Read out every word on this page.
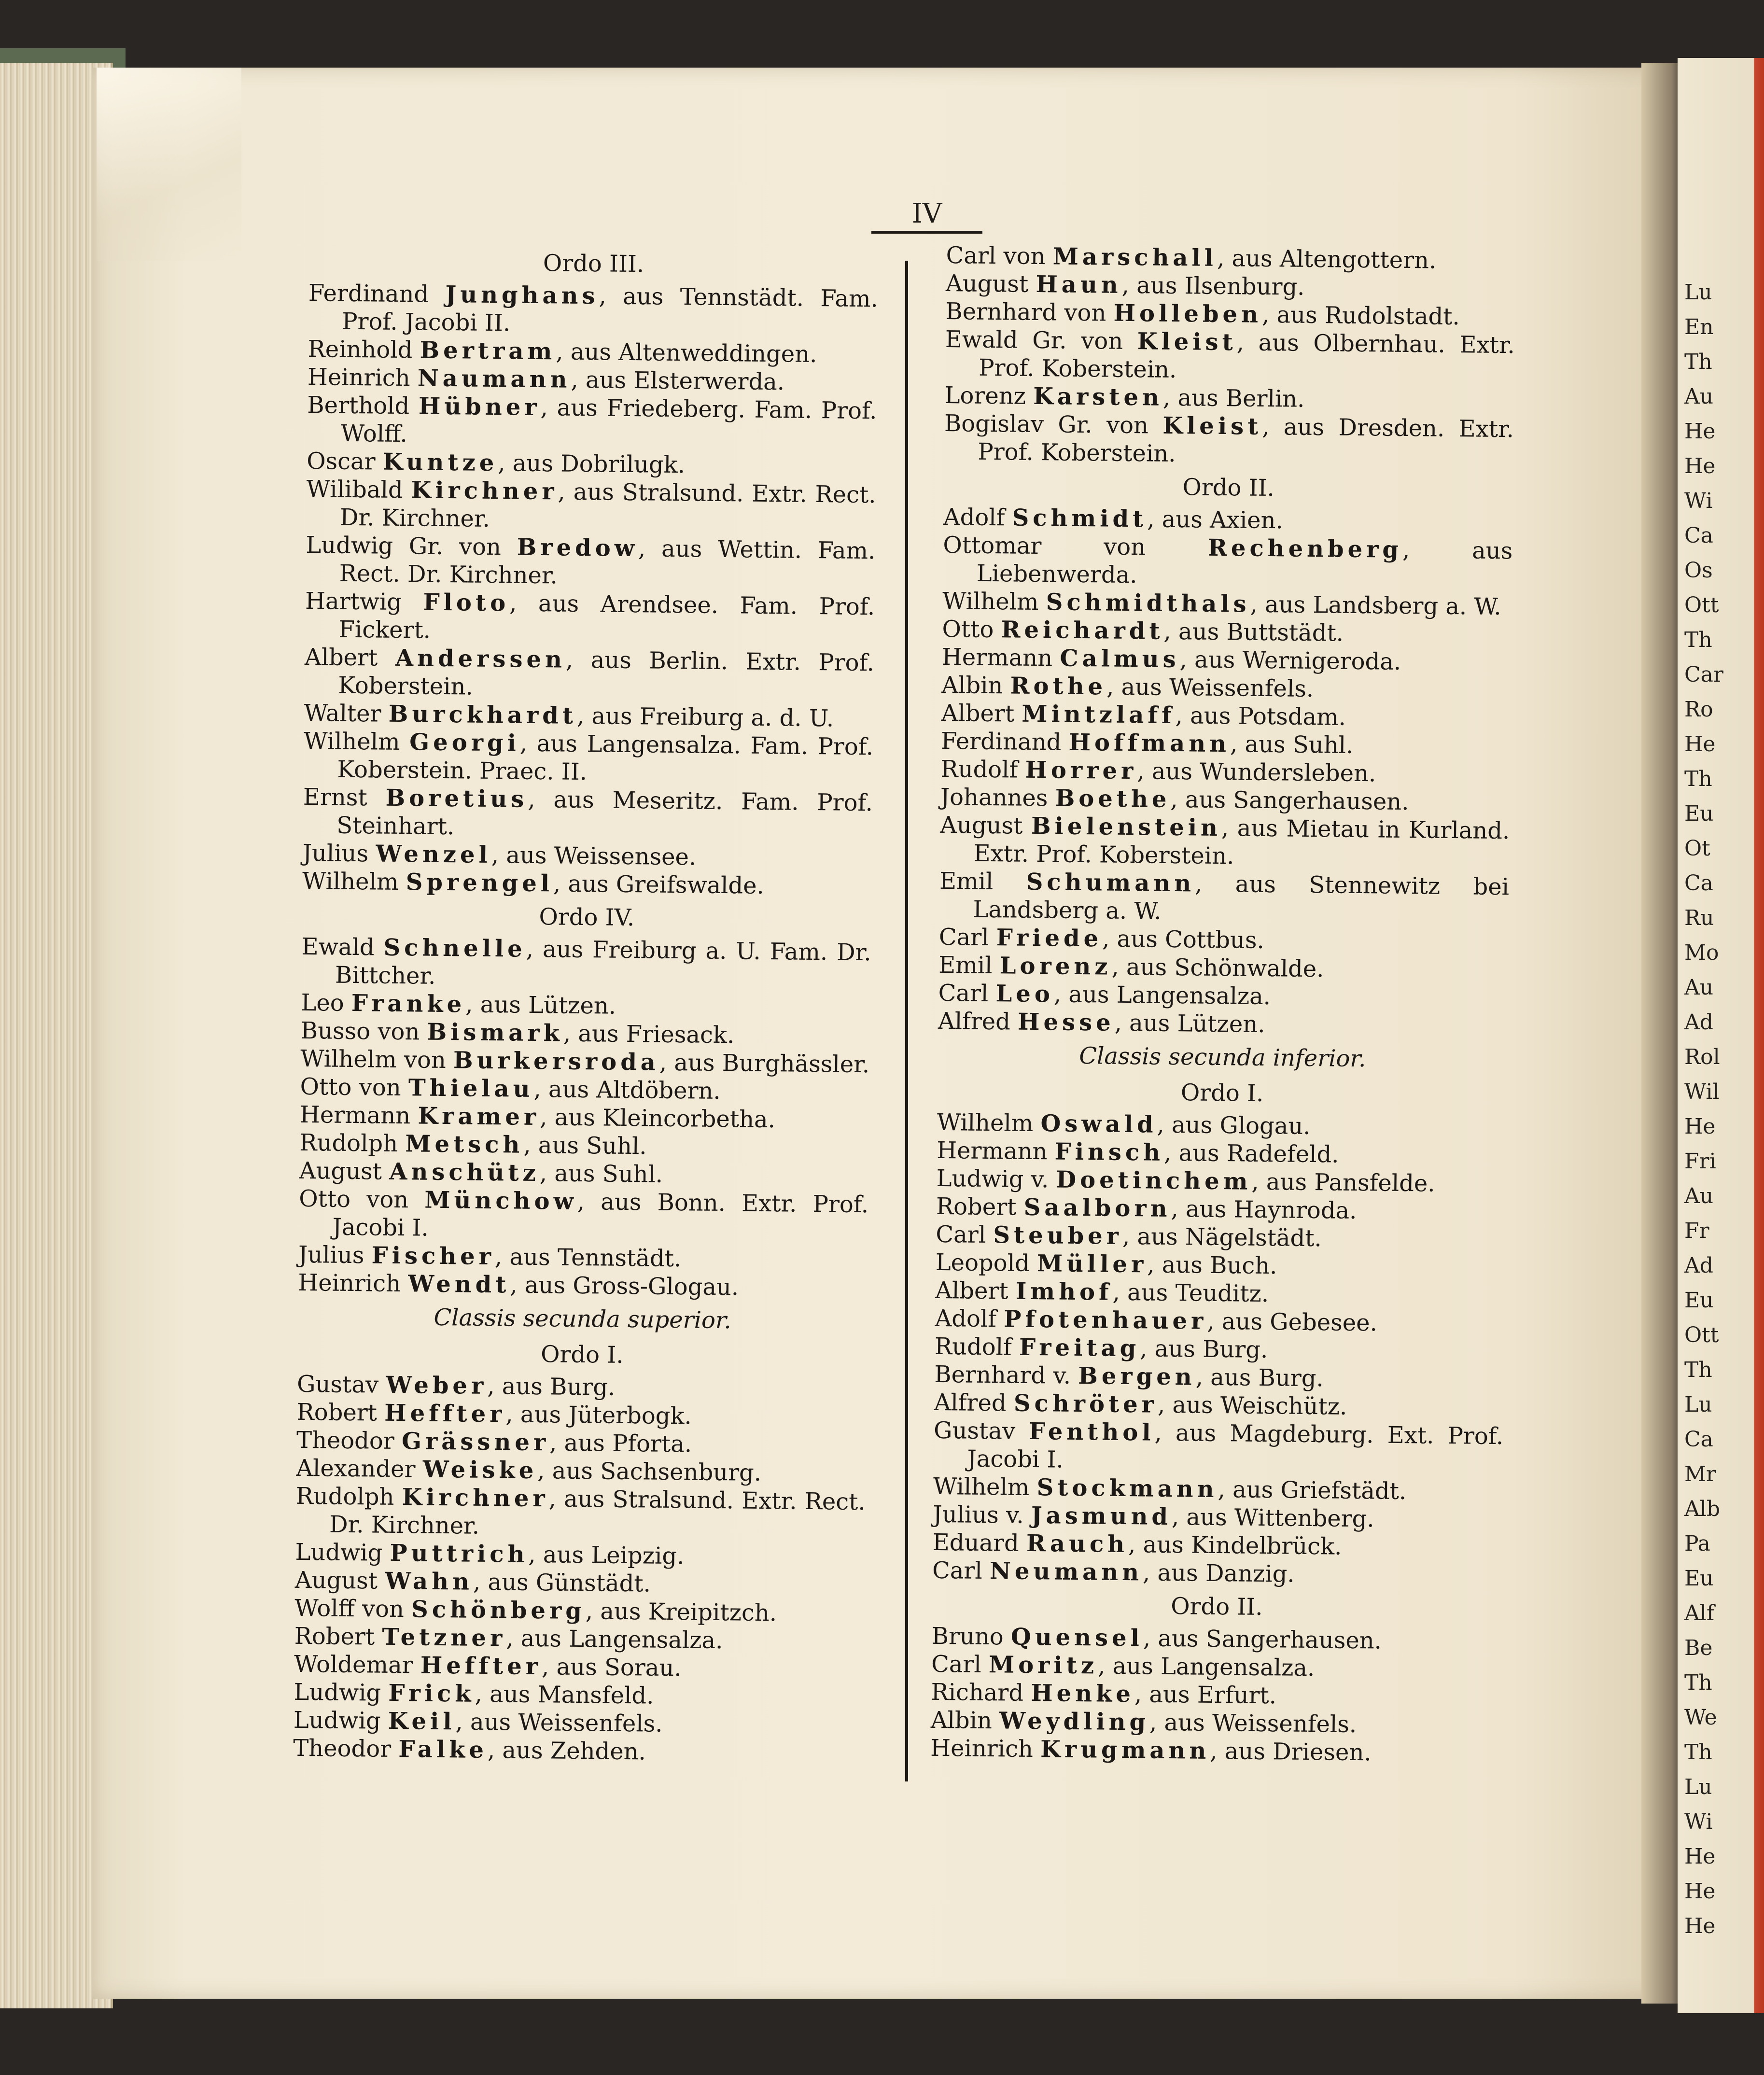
Lu
En
Th
Au
He
He
Wi
Ca
Os
Ott
Th
Car
Ro
He
Th
Eu
Ot
Ca
Ru
Mo
Au
Ad
Rol
Wil
He
Fri
Au
Fr
Ad
Eu
Ott
Th
Lu
Ca
Mr
Alb
Pa
Eu
Alf
Be
Th
We
Th
Lu
Wi
He
He
He
IV
Ordo III.
Ferdinand Junghans, aus Tennstädt. Fam. Prof. Jacobi II.
Reinhold Bertram, aus Altenweddingen.
Heinrich Naumann, aus Elsterwerda.
Berthold Hübner, aus Friedeberg. Fam. Prof. Wolff.
Oscar Kuntze, aus Dobrilugk.
Wilibald Kirchner, aus Stralsund. Extr. Rect. Dr. Kirchner.
Ludwig Gr. von Bredow, aus Wettin. Fam. Rect. Dr. Kirchner.
Hartwig Floto, aus Arendsee. Fam. Prof. Fickert.
Albert Anderssen, aus Berlin. Extr. Prof. Koberstein.
Walter Burckhardt, aus Freiburg a. d. U.
Wilhelm Georgi, aus Langensalza. Fam. Prof. Koberstein. Praec. II.
Ernst Boretius, aus Meseritz. Fam. Prof. Steinhart.
Julius Wenzel, aus Weissensee.
Wilhelm Sprengel, aus Greifswalde.
Ordo IV.
Ewald Schnelle, aus Freiburg a. U. Fam. Dr. Bittcher.
Leo Franke, aus Lützen.
Busso von Bismark, aus Friesack.
Wilhelm von Burkersroda, aus Burghässler.
Otto von Thielau, aus Altdöbern.
Hermann Kramer, aus Kleincorbetha.
Rudolph Metsch, aus Suhl.
August Anschütz, aus Suhl.
Otto von Münchow, aus Bonn. Extr. Prof. Jacobi I.
Julius Fischer, aus Tennstädt.
Heinrich Wendt, aus Gross-Glogau.
Classis secunda superior.
Ordo I.
Gustav Weber, aus Burg.
Robert Heffter, aus Jüterbogk.
Theodor Grässner, aus Pforta.
Alexander Weiske, aus Sachsenburg.
Rudolph Kirchner, aus Stralsund. Extr. Rect. Dr. Kirchner.
Ludwig Puttrich, aus Leipzig.
August Wahn, aus Günstädt.
Wolff von Schönberg, aus Kreipitzch.
Robert Tetzner, aus Langensalza.
Woldemar Heffter, aus Sorau.
Ludwig Frick, aus Mansfeld.
Ludwig Keil, aus Weissenfels.
Theodor Falke, aus Zehden.
Carl von Marschall, aus Altengottern.
August Haun, aus Ilsenburg.
Bernhard von Holleben, aus Rudolstadt.
Ewald Gr. von Kleist, aus Olbernhau. Extr. Prof. Koberstein.
Lorenz Karsten, aus Berlin.
Bogislav Gr. von Kleist, aus Dresden. Extr. Prof. Koberstein.
Ordo II.
Adolf Schmidt, aus Axien.
Ottomar von Rechenberg, aus Liebenwerda.
Wilhelm Schmidthals, aus Landsberg a. W.
Otto Reichardt, aus Buttstädt.
Hermann Calmus, aus Wernigeroda.
Albin Rothe, aus Weissenfels.
Albert Mintzlaff, aus Potsdam.
Ferdinand Hoffmann, aus Suhl.
Rudolf Horrer, aus Wundersleben.
Johannes Boethe, aus Sangerhausen.
August Bielenstein, aus Mietau in Kurland. Extr. Prof. Koberstein.
Emil Schumann, aus Stennewitz bei Landsberg a. W.
Carl Friede, aus Cottbus.
Emil Lorenz, aus Schönwalde.
Carl Leo, aus Langensalza.
Alfred Hesse, aus Lützen.
Classis secunda inferior.
Ordo I.
Wilhelm Oswald, aus Glogau.
Hermann Finsch, aus Radefeld.
Ludwig v. Doetinchem, aus Pansfelde.
Robert Saalborn, aus Haynroda.
Carl Steuber, aus Nägelstädt.
Leopold Müller, aus Buch.
Albert Imhof, aus Teuditz.
Adolf Pfotenhauer, aus Gebesee.
Rudolf Freitag, aus Burg.
Bernhard v. Bergen, aus Burg.
Alfred Schröter, aus Weischütz.
Gustav Fenthol, aus Magdeburg. Ext. Prof. Jacobi I.
Wilhelm Stockmann, aus Griefstädt.
Julius v. Jasmund, aus Wittenberg.
Eduard Rauch, aus Kindelbrück.
Carl Neumann, aus Danzig.
Ordo II.
Bruno Quensel, aus Sangerhausen.
Carl Moritz, aus Langensalza.
Richard Henke, aus Erfurt.
Albin Weydling, aus Weissenfels.
Heinrich Krugmann, aus Driesen.
